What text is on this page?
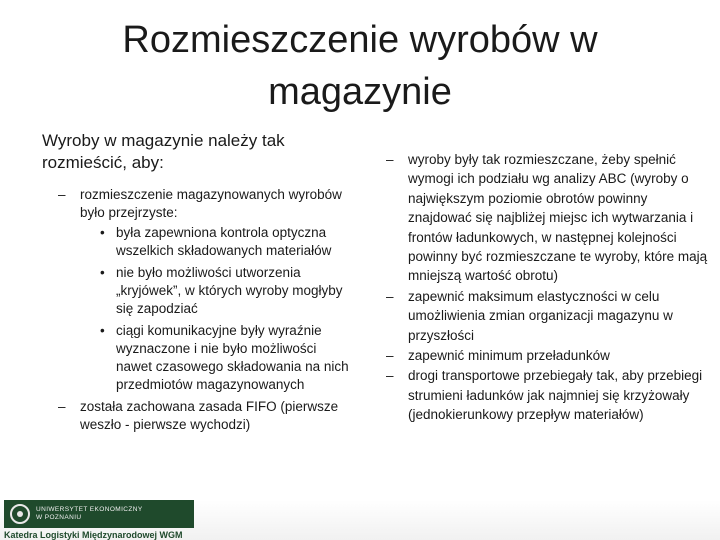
Rozmieszczenie wyrobów w
magazynie

Wyroby w magazynie należy tak
rozmieścić, aby:

– rozmieszczenie magazynowanych wyrobów było przejrzyste:
• była zapewniona kontrola optyczna wszelkich składowanych materiałów
• nie było możliwości utworzenia „kryjówek”, w których wyroby mogłyby się zapodziać
• ciągi komunikacyjne były wyraźnie wyznaczone i nie było możliwości nawet czasowego składowania na nich przedmiotów magazynowanych
– została zachowana zasada FIFO (pierwsze weszło - pierwsze wychodzi)
– wyroby były tak rozmieszczane, żeby spełnić wymogi ich podziału wg analizy ABC (wyroby o największym poziomie obrotów powinny znajdować się najbliżej miejsc ich wytwarzania i frontów ładunkowych, w następnej kolejności powinny być rozmieszczane te wyroby, które mają mniejszą wartość obrotu)
– zapewnić maksimum elastyczności w celu umożliwienia zmian organizacji magazynu w przyszłości
– zapewnić minimum przeładunków
– drogi transportowe przebiegały tak, aby przebiegi strumieni ładunków jak najmniej się krzyżowały (jednokierunkowy przepływ materiałów)
UNIWERSYTET EKONOMICZNY
W POZNANIU
Katedra Logistyki Międzynarodowej WGM
